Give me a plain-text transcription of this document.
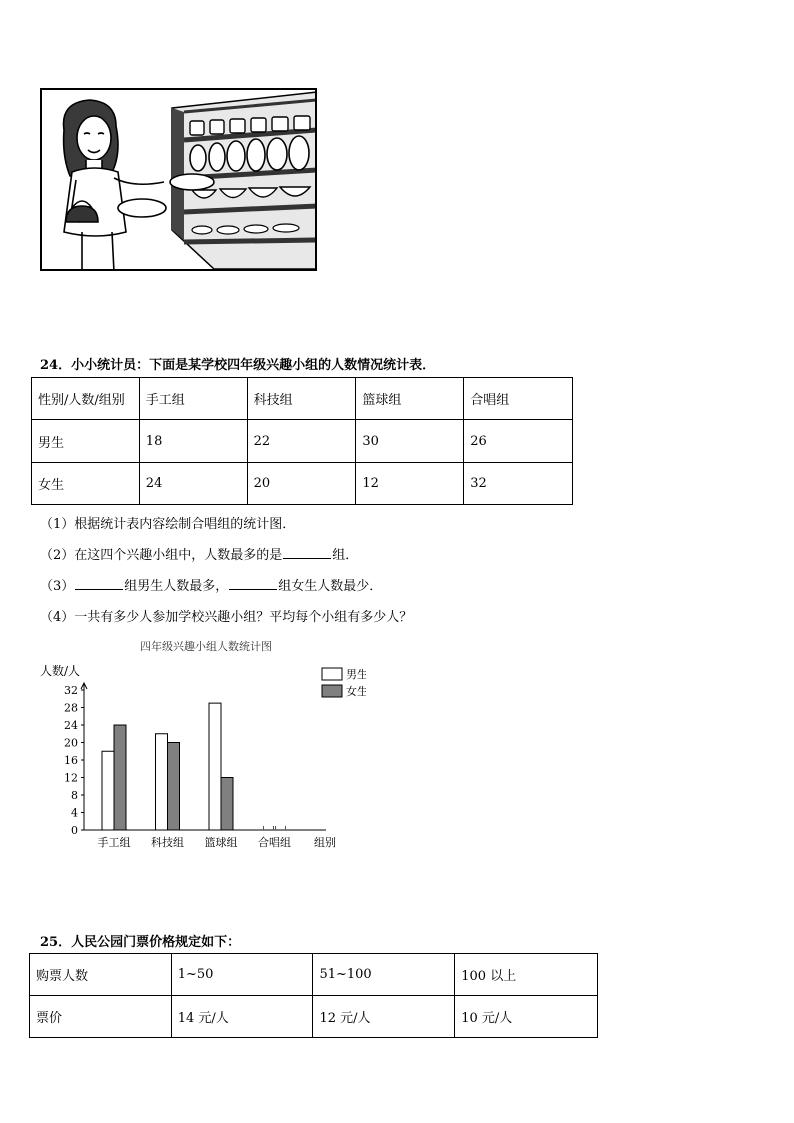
24．小小统计员：下面是某学校四年级兴趣小组的人数情况统计表．
性别/人数/组别	手工组	科技组	篮球组	合唱组
男生	18	22	30	26
女生	24	20	12	32
（1）根据统计表内容绘制合唱组的统计图．
（2）在这四个兴趣小组中，人数最多的是	组．
（3）	组男生人数最多，	组女生人数最少．
（4）一共有多少人参加学校兴趣小组？平均每个小组有多少人？
四年级兴趣小组人数统计图
人数/人
组别
0
4
8
12
16
20
24
28
32
手工组 科技组 篮球组 合唱组
男生
女生
25．人民公园门票价格规定如下：
购票人数	1~50	51~100	100 以上
票价	14 元/人	12 元/人	10 元/人
